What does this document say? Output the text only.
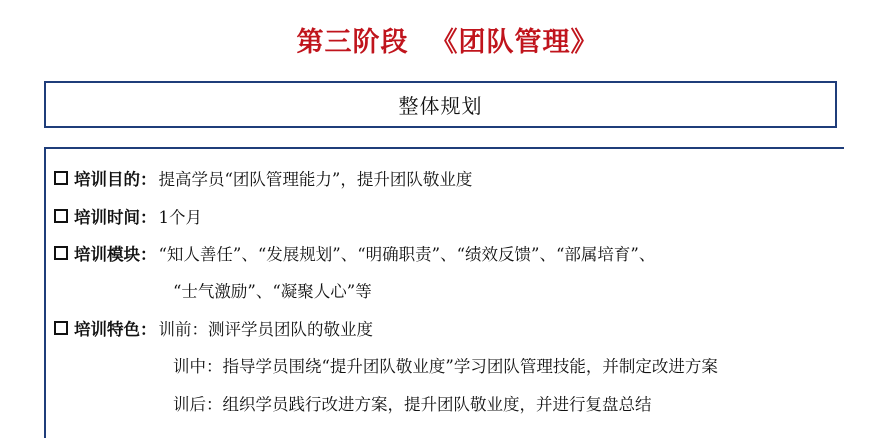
第三阶段 《团队管理》
整体规划
培训目的： 提高学员“团队管理能力”，提升团队敬业度
培训时间： 1个月
培训模块： “知人善任”、“发展规划”、“明确职责”、“绩效反馈”、“部属培育”、
“士气激励”、“凝聚人心”等
培训特色： 训前：测评学员团队的敬业度
训中：指导学员围绕“提升团队敬业度”学习团队管理技能，并制定改进方案
训后：组织学员践行改进方案，提升团队敬业度，并进行复盘总结
